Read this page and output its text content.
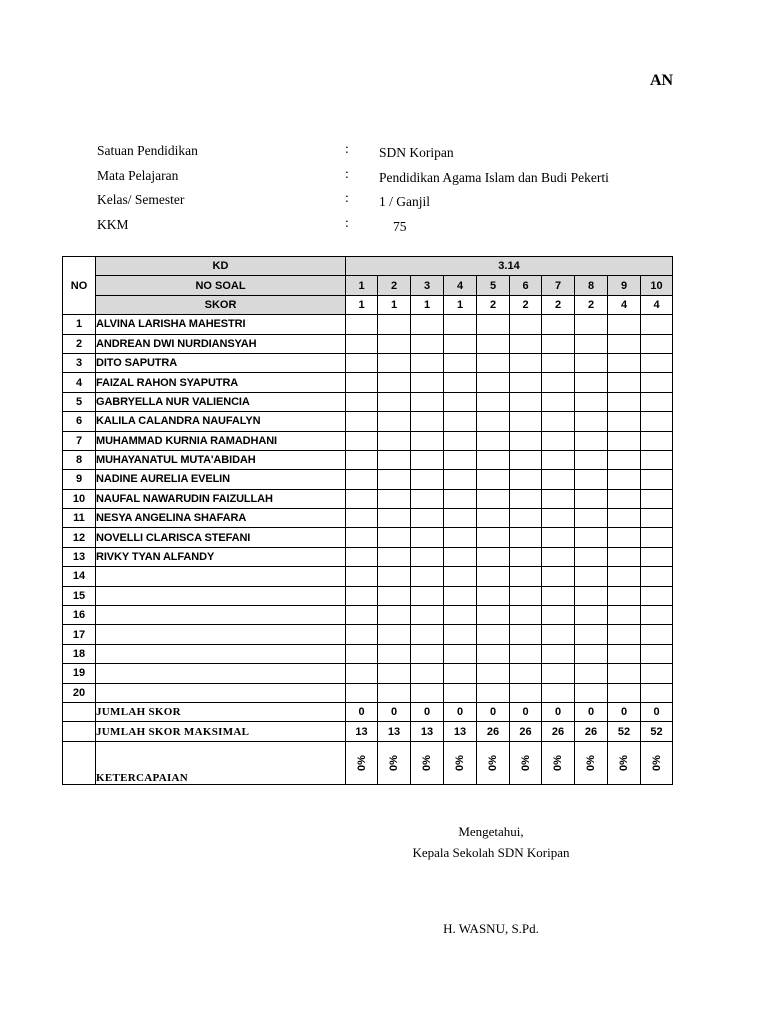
AN
Satuan Pendidikan	: SDN Koripan
Mata Pelajaran	: Pendidikan Agama Islam dan Budi Pekerti
Kelas/ Semester	: 1 / Ganjil
KKM	:	75
NO	KD	3.14									
	NO SOAL	1	2	3	4	5	6	7	8	9	10
	SKOR	1	1	1	1	2	2	2	2	4	4
1	ALVINA LARISHA MAHESTRI										
2	ANDREAN DWI NURDIANSYAH										
3	DITO SAPUTRA										
4	FAIZAL RAHON SYAPUTRA										
5	GABRYELLA NUR VALIENCIA										
6	KALILA CALANDRA NAUFALYN										
7	MUHAMMAD KURNIA RAMADHANI										
8	MUHAYANATUL MUTA'ABIDAH										
9	NADINE AURELIA EVELIN										
10	NAUFAL NAWARUDIN FAIZULLAH										
11	NESYA ANGELINA SHAFARA										
12	NOVELLI CLARISCA STEFANI										
13	RIVKY TYAN ALFANDY										
14											
15											
16											
17											
18											
19											
20											
	JUMLAH SKOR	0	0	0	0	0	0	0	0	0	0
	JUMLAH SKOR MAKSIMAL	13	13	13	13	26	26	26	26	52	52
	KETERCAPAIAN	0%	0%	0%	0%	0%	0%	0%	0%	0%	0%
Mengetahui,
Kepala Sekolah SDN Koripan
H. WASNU, S.Pd.
